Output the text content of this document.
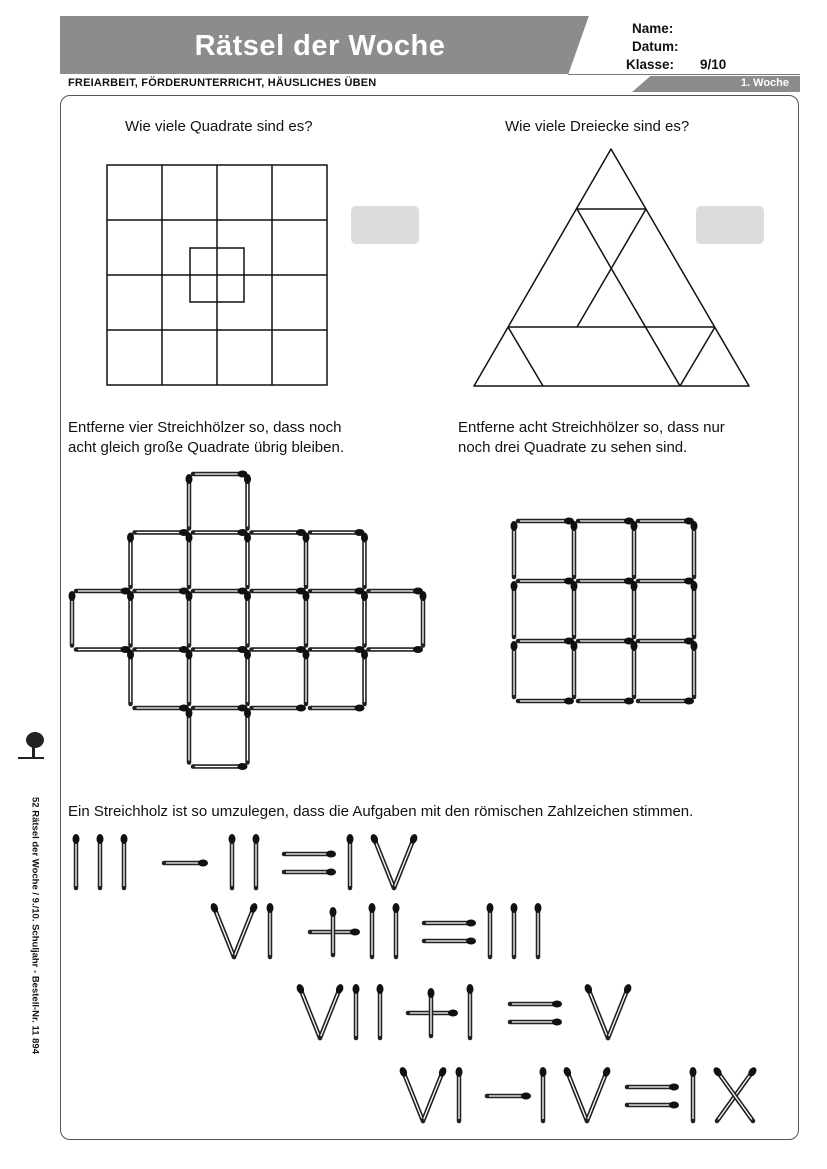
Rätsel der Woche
Name:
Datum:
Klasse: 9/10
FREIARBEIT, FÖRDERUNTERRICHT, HÄUSLICHES ÜBEN	1. Woche
Wie viele Quadrate sind es?	Wie viele Dreiecke sind es?
Entferne vier Streichhölzer so, dass noch
acht gleich große Quadrate übrig bleiben.
Entferne acht Streichhölzer so, dass nur
noch drei Quadrate zu sehen sind.
Ein Streichholz ist so umzulegen, dass die Aufgaben mit den römischen Zahlzeichen stimmen.
52 Rätsel der Woche / 9./10. Schuljahr - Bestell-Nr. 11 894
